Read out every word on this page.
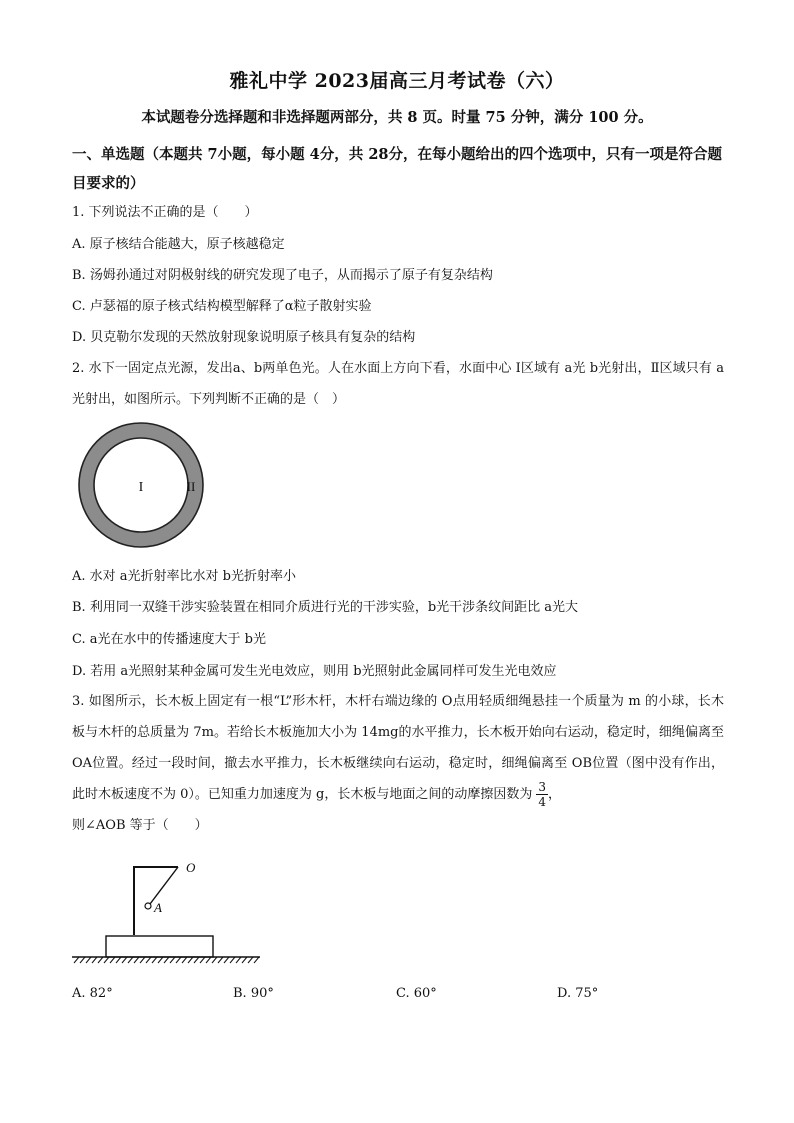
雅礼中学 2023届高三月考试卷（六）
本试题卷分选择题和非选择题两部分，共 8 页。时量 75 分钟，满分 100 分。
一、单选题（本题共 7小题，每小题 4分，共 28分，在每小题给出的四个选项中，只有一项是符合题目要求的）
1. 下列说法不正确的是（　　）
A. 原子核结合能越大，原子核越稳定
B. 汤姆孙通过对阴极射线的研究发现了电子，从而揭示了原子有复杂结构
C. 卢瑟福的原子核式结构模型解释了α粒子散射实验
D. 贝克勒尔发现的天然放射现象说明原子核具有复杂的结构
2. 水下一固定点光源，发出a、b两单色光。人在水面上方向下看，水面中心 I区域有 a光 b光射出，Ⅱ区域只有 a光射出，如图所示。下列判断不正确的是（　）
I	II
A. 水对 a光折射率比水对 b光折射率小
B. 利用同一双缝干涉实验装置在相同介质进行光的干涉实验，b光干涉条纹间距比 a光大
C. a光在水中的传播速度大于 b光
D. 若用 a光照射某种金属可发生光电效应，则用 b光照射此金属同样可发生光电效应
3. 如图所示，长木板上固定有一根“L”形木杆，木杆右端边缘的 O点用轻质细绳悬挂一个质量为 m 的小球，长木板与木杆的总质量为 7m。若给长木板施加大小为 14mg的水平推力，长木板开始向右运动，稳定时，细绳偏离至 OA位置。经过一段时间，撤去水平推力，长木板继续向右运动，稳定时，细绳偏离至 OB位置（图中没有作出，此时木板速度不为 0）。已知重力加速度为 g，长木板与地面之间的动摩擦因数为 $\frac{3}{4}$ ，
则∠AOB 等于（　　）
O
A
A. 82°	B. 90°	C. 60°	D. 75°
